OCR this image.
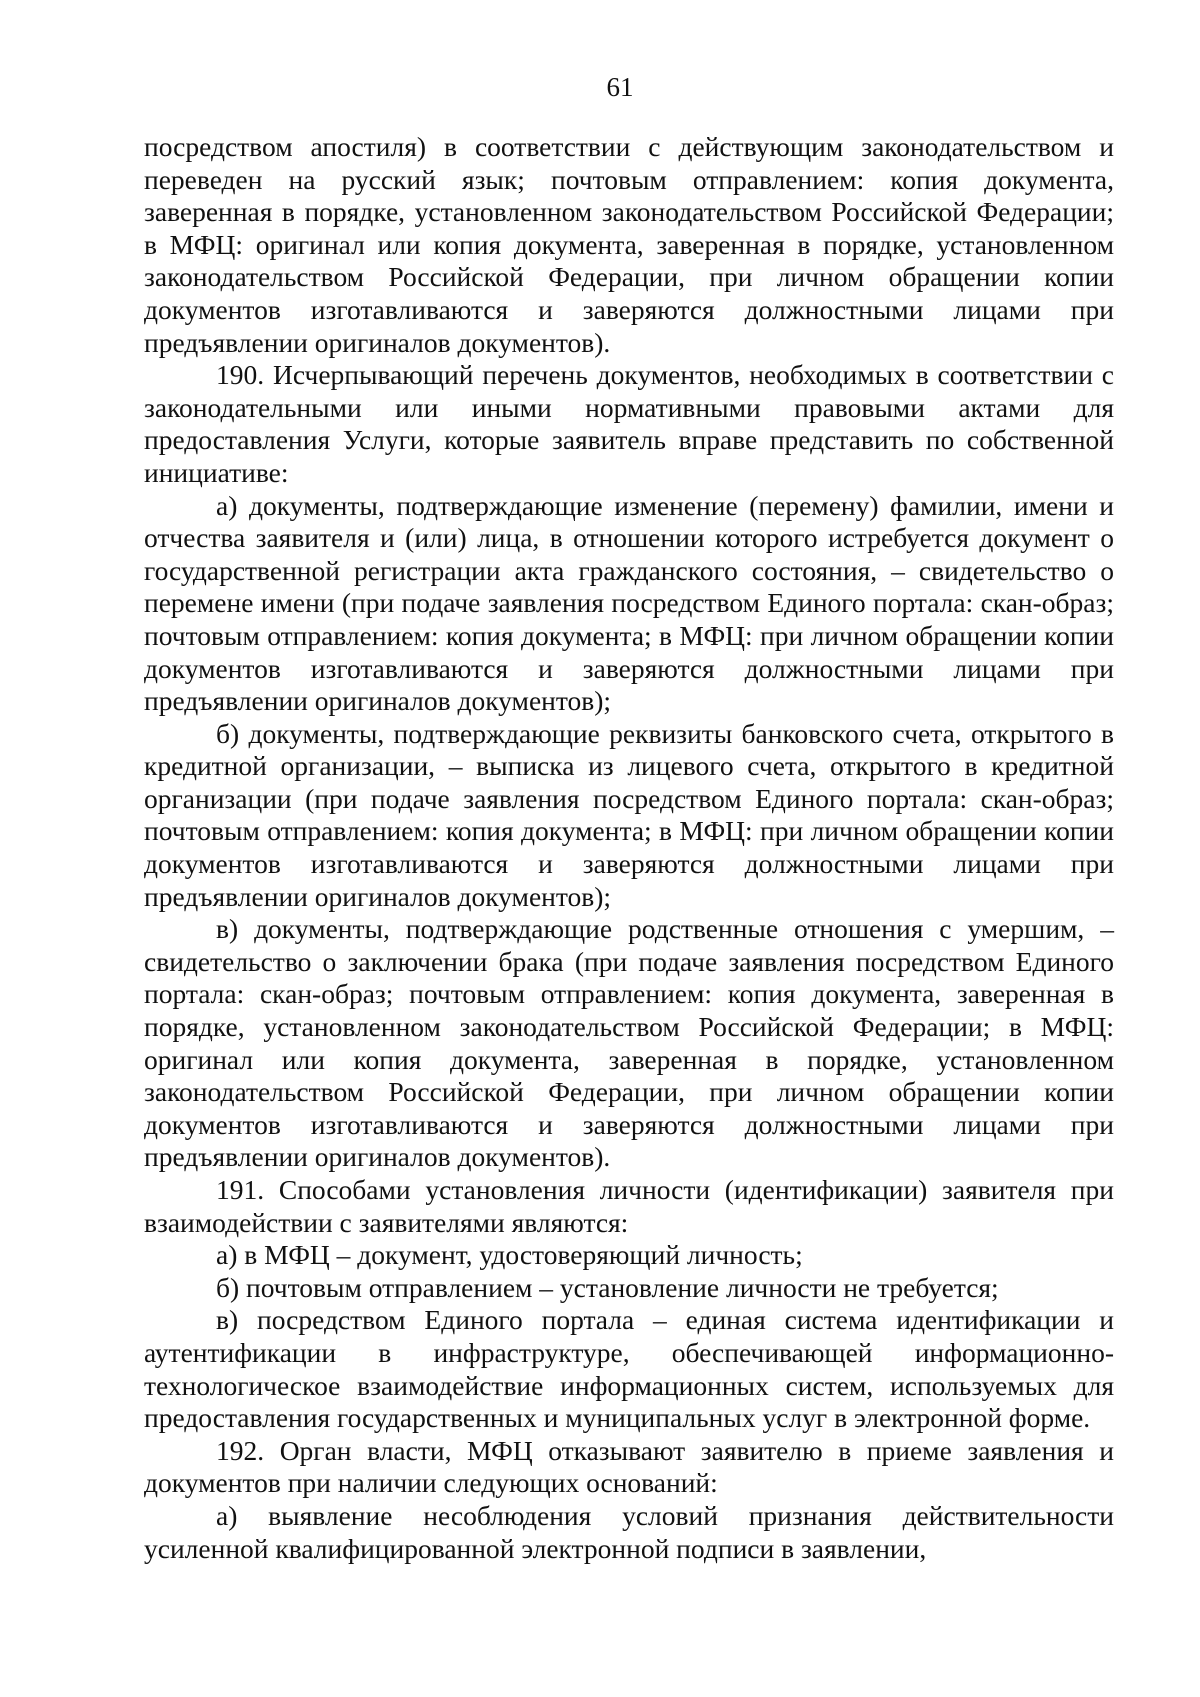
61

посредством апостиля) в соответствии с действующим законодательством и переведен на русский язык; почтовым отправлением: копия документа, заверенная в порядке, установленном законодательством Российской Федерации; в МФЦ: оригинал или копия документа, заверенная в порядке, установленном законодательством Российской Федерации, при личном обращении копии документов изготавливаются и заверяются должностными лицами при предъявлении оригиналов документов).

190. Исчерпывающий перечень документов, необходимых в соответствии с законодательными или иными нормативными правовыми актами для предоставления Услуги, которые заявитель вправе представить по собственной инициативе:

а) документы, подтверждающие изменение (перемену) фамилии, имени и отчества заявителя и (или) лица, в отношении которого истребуется документ о государственной регистрации акта гражданского состояния, – свидетельство о перемене имени (при подаче заявления посредством Единого портала: скан-образ; почтовым отправлением: копия документа; в МФЦ: при личном обращении копии документов изготавливаются и заверяются должностными лицами при предъявлении оригиналов документов);

б) документы, подтверждающие реквизиты банковского счета, открытого в кредитной организации, – выписка из лицевого счета, открытого в кредитной организации (при подаче заявления посредством Единого портала: скан-образ; почтовым отправлением: копия документа; в МФЦ: при личном обращении копии документов изготавливаются и заверяются должностными лицами при предъявлении оригиналов документов);

в) документы, подтверждающие родственные отношения с умершим, – свидетельство о заключении брака (при подаче заявления посредством Единого портала: скан-образ; почтовым отправлением: копия документа, заверенная в порядке, установленном законодательством Российской Федерации; в МФЦ: оригинал или копия документа, заверенная в порядке, установленном законодательством Российской Федерации, при личном обращении копии документов изготавливаются и заверяются должностными лицами при предъявлении оригиналов документов).

191. Способами установления личности (идентификации) заявителя при взаимодействии с заявителями являются:

а) в МФЦ – документ, удостоверяющий личность;

б) почтовым отправлением – установление личности не требуется;

в) посредством Единого портала – единая система идентификации и аутентификации в инфраструктуре, обеспечивающей информационно-технологическое взаимодействие информационных систем, используемых для предоставления государственных и муниципальных услуг в электронной форме.

192. Орган власти, МФЦ отказывают заявителю в приеме заявления и документов при наличии следующих оснований:

а) выявление несоблюдения условий признания действительности усиленной квалифицированной электронной подписи в заявлении,
